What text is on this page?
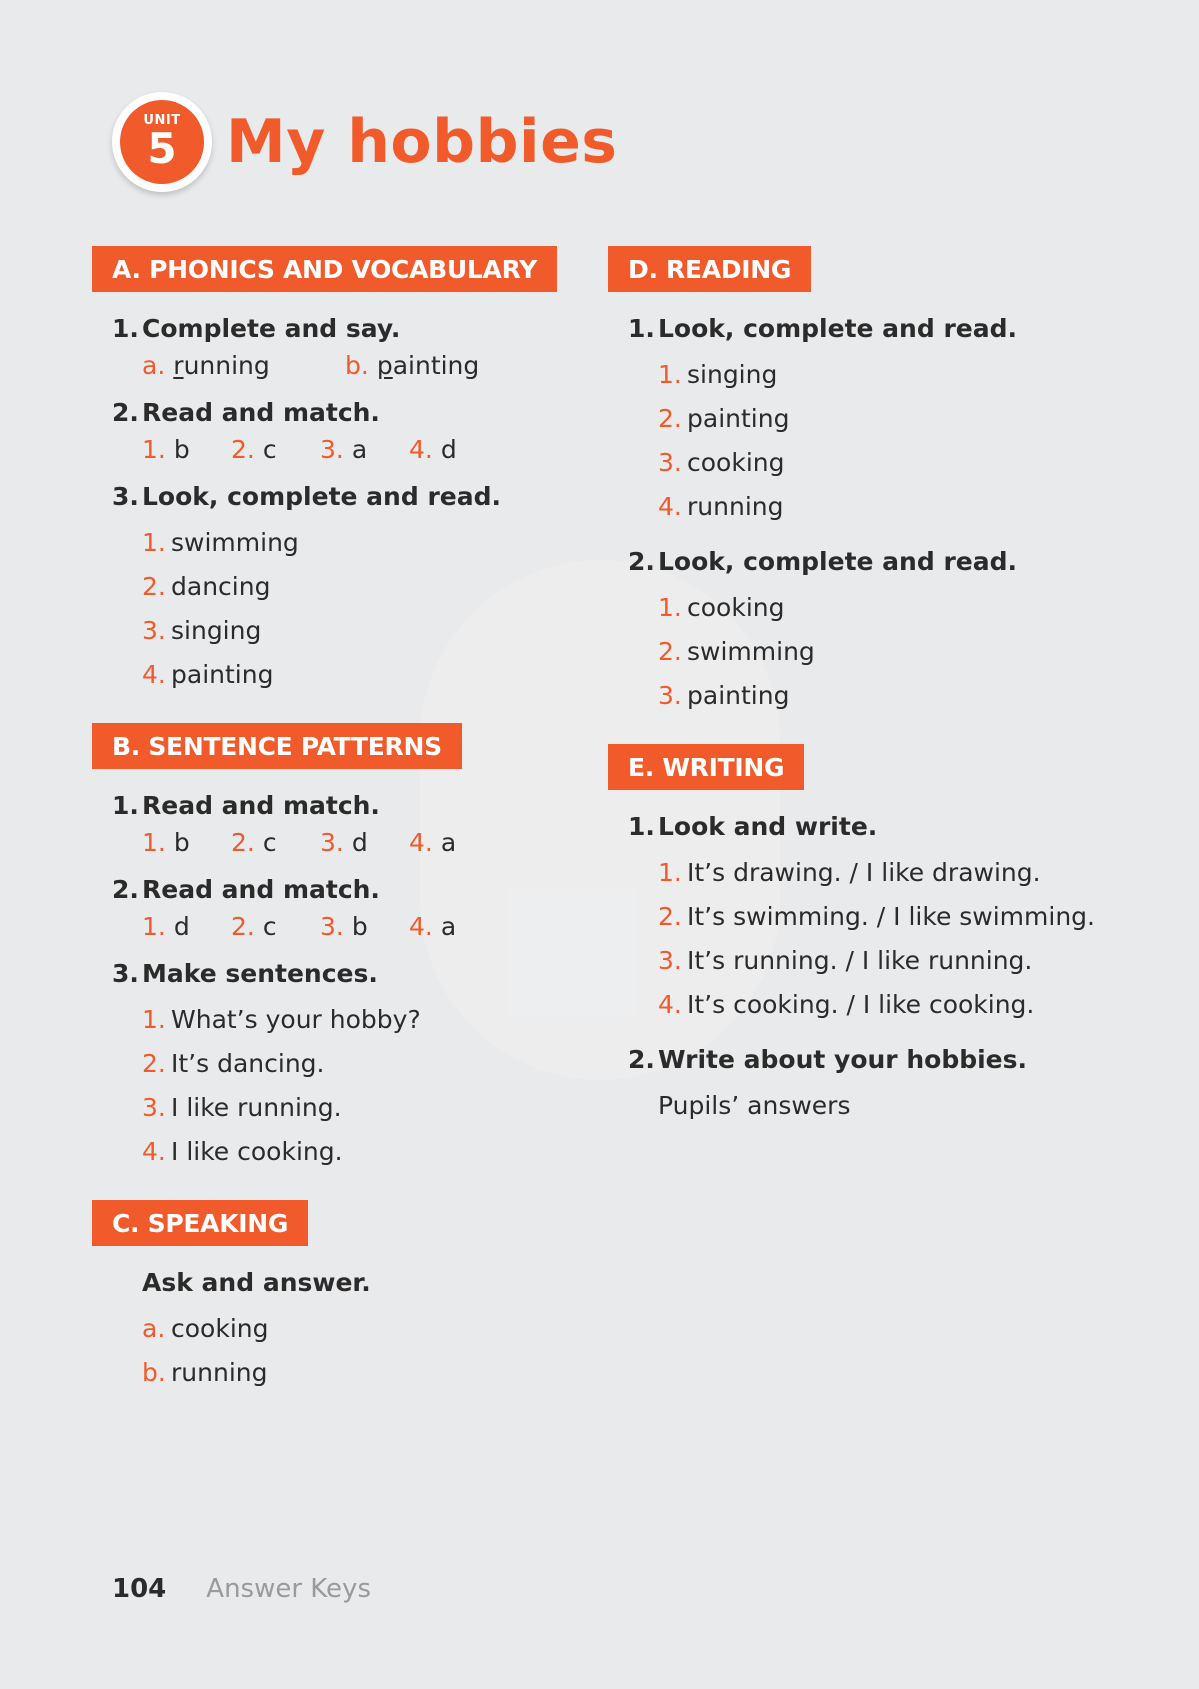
UNIT
5 My hobbies
A. PHONICS AND VOCABULARY
1. Complete and say.
a. running	b. painting
2. Read and match.
1. b 2. c 3. a 4. d
3. Look, complete and read.
1. swimming
2. dancing
3. singing
4. painting
B. SENTENCE PATTERNS
1. Read and match.
1. b 2. c 3. d 4. a
2. Read and match.
1. d 2. c 3. b 4. a
3. Make sentences.
1. What’s your hobby?
2. It’s dancing.
3. I like running.
4. I like cooking.
C. SPEAKING
Ask and answer.
a. cooking
b. running
D. READING
1. Look, complete and read.
1. singing
2. painting
3. cooking
4. running
2. Look, complete and read.
1. cooking
2. swimming
3. painting
E. WRITING
1. Look and write.
1. It’s drawing. / I like drawing.
2. It’s swimming. / I like swimming.
3. It’s running. / I like running.
4. It’s cooking. / I like cooking.
2. Write about your hobbies.
Pupils’ answers
104 Answer Keys
